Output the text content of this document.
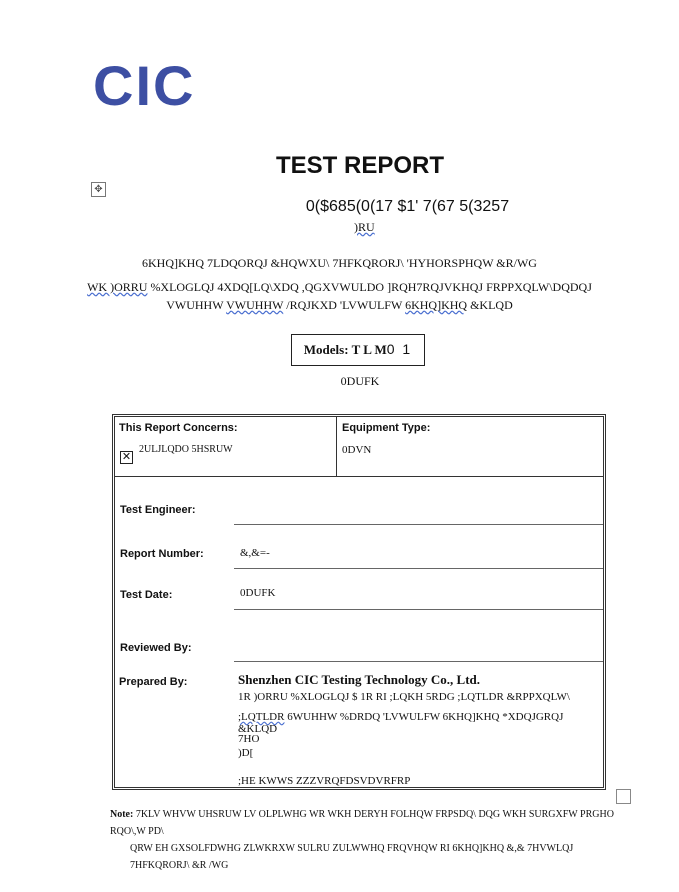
CIC
TEST REPORT
✥
0($685(0(17 $1' 7(67 5(3257
)RU
6KHQ]KHQ 7LDQORQJ &HQWXU\ 7HFKQRORJ\ 'HYHORSPHQW &R/WG
WK )ORRU %XLOGLQJ 4XDQ[LQ\XDQ ,QGXVWULDO ]RQH7RQJVKHQJ FRPPXQLW\DQDQJ
VWUHHW VWUHHW /RQJKXD 'LVWULFW 6KHQ]KHQ &KLQD
Models: T L M0 1
0DUFK
This Report Concerns:
✕
2ULJLQDO 5HSRUW
Equipment Type:
0DVN
Test Engineer:
Report Number:	&,&=-
Test Date:	0DUFK
Reviewed By:
Prepared By:	Shenzhen CIC Testing Technology Co., Ltd.
1R )ORRU %XLOGLQJ $ 1R RI ;LQKH 5RDG ;LQTLDR &RPPXQLW\
;LQTLDR 6WUHHW %DRDQ 'LVWULFW 6KHQ]KHQ *XDQJGRQJ &KLQD
7HO
)D[
;HE KWWS ZZZVRQFDSVDVRFRP
Note: 7KLV WHVW UHSRUW LV OLPLWHG WR WKH DERYH FOLHQW FRPSDQ\ DQG WKH SURGXFW PRGHO RQO\,W PD\
QRW EH GXSOLFDWHG ZLWKRXW SULRU ZULWWHQ FRQVHQW RI 6KHQ]KHQ &,& 7HVWLQJ 7HFKQRORJ\ &R /WG
